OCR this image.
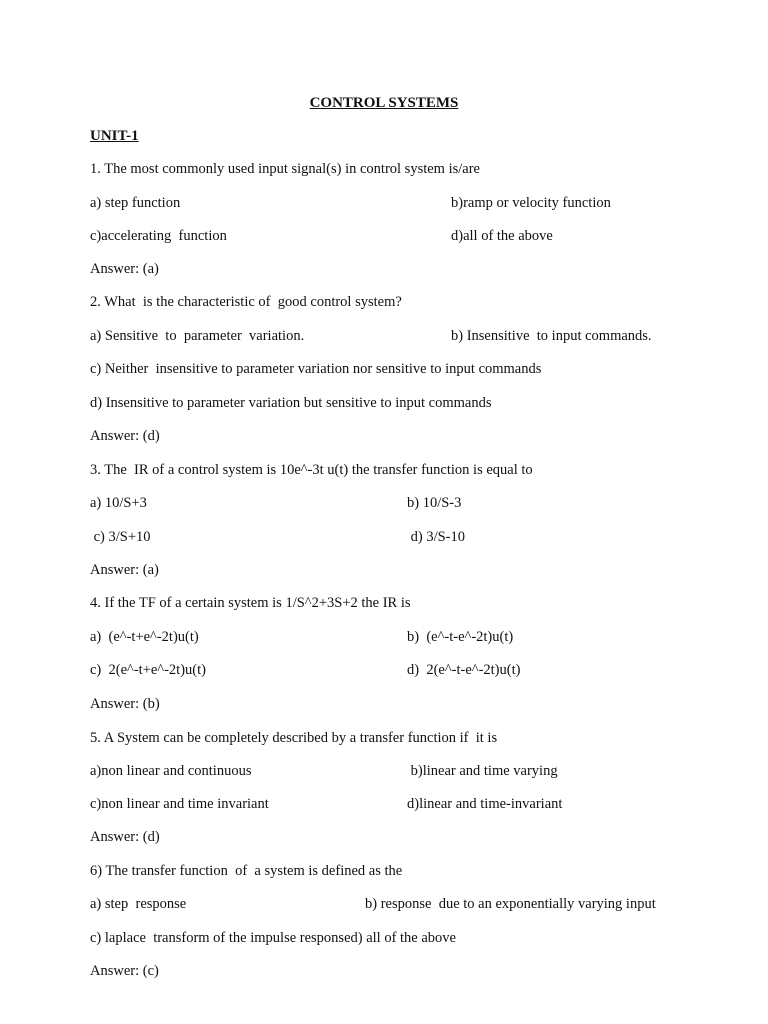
CONTROL SYSTEMS
UNIT-1
1. The most commonly used input signal(s) in control system is/are
a) step function	b)ramp or velocity function
c)accelerating  function	d)all of the above
Answer: (a)
2. What  is the characteristic of  good control system?
a) Sensitive  to  parameter  variation.	b) Insensitive  to input commands.
c) Neither  insensitive to parameter variation nor sensitive to input commands
d) Insensitive to parameter variation but sensitive to input commands
Answer: (d)
3. The  IR of a control system is 10e^-3t u(t) the transfer function is equal to
a) 10/S+3	b) 10/S-3
c) 3/S+10	d) 3/S-10
Answer: (a)
4. If the TF of a certain system is 1/S^2+3S+2 the IR is
a)  (e^-t+e^-2t)u(t)	b)  (e^-t-e^-2t)u(t)
c)  2(e^-t+e^-2t)u(t)	d)  2(e^-t-e^-2t)u(t)
Answer: (b)
5. A System can be completely described by a transfer function if  it is
a)non linear and continuous	b)linear and time varying
c)non linear and time invariant	d)linear and time-invariant
Answer: (d)
6) The transfer function  of  a system is defined as the
a) step  response	b) response  due to an exponentially varying input
c) laplace  transform of the impulse responsed) all of the above
Answer: (c)
